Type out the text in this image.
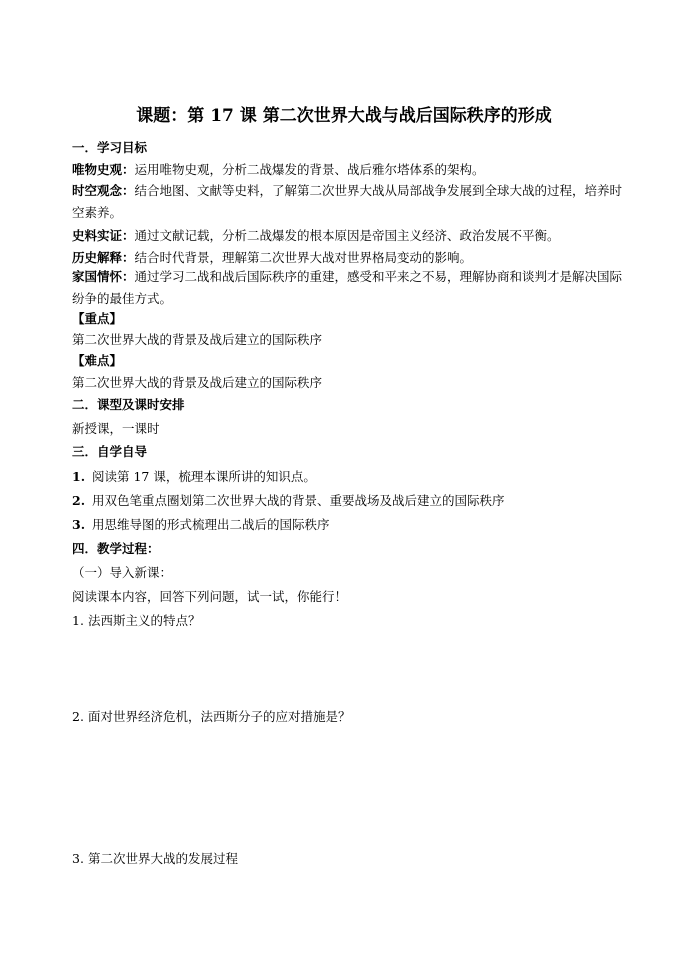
课题：第 17 课 第二次世界大战与战后国际秩序的形成
一．学习目标
唯物史观：运用唯物史观，分析二战爆发的背景、战后雅尔塔体系的架构。
时空观念：结合地图、文献等史料，了解第二次世界大战从局部战争发展到全球大战的过程，培养时空素养。
史料实证：通过文献记载，分析二战爆发的根本原因是帝国主义经济、政治发展不平衡。
历史解释：结合时代背景，理解第二次世界大战对世界格局变动的影响。
家国情怀：通过学习二战和战后国际秩序的重建，感受和平来之不易，理解协商和谈判才是解决国际纷争的最佳方式。
【重点】
第二次世界大战的背景及战后建立的国际秩序
【难点】
第二次世界大战的背景及战后建立的国际秩序
二．课型及课时安排
新授课，一课时
三．自学自导
1. 阅读第 17 课，梳理本课所讲的知识点。
2. 用双色笔重点圈划第二次世界大战的背景、重要战场及战后建立的国际秩序
3. 用思维导图的形式梳理出二战后的国际秩序
四．教学过程：
（一）导入新课：
阅读课本内容，回答下列问题，试一试，你能行！
1. 法西斯主义的特点？
2. 面对世界经济危机，法西斯分子的应对措施是？
3. 第二次世界大战的发展过程
